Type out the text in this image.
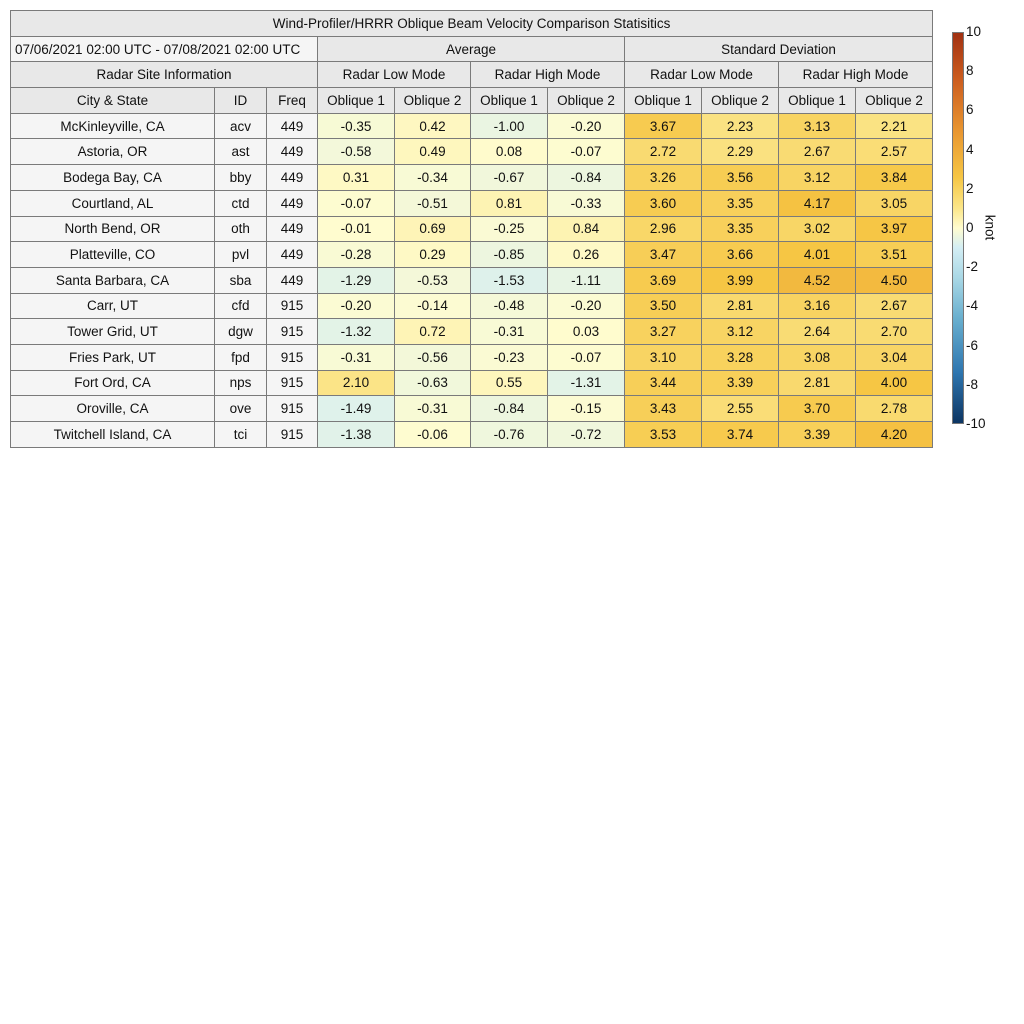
Wind-Profiler/HRRR Oblique Beam Velocity Comparison Statisitics										
07/06/2021 02:00 UTC - 07/08/2021 02:00 UTC			Average				Standard Deviation			
Radar Site Information			Radar Low Mode		Radar High Mode		Radar Low Mode		Radar High Mode	
City & State	ID	Freq	Oblique 1	Oblique 2	Oblique 1	Oblique 2	Oblique 1	Oblique 2	Oblique 1	Oblique 2
McKinleyville, CA	acv	449	-0.35	0.42	-1.00	-0.20	3.67	2.23	3.13	2.21
Astoria, OR	ast	449	-0.58	0.49	0.08	-0.07	2.72	2.29	2.67	2.57
Bodega Bay, CA	bby	449	0.31	-0.34	-0.67	-0.84	3.26	3.56	3.12	3.84
Courtland, AL	ctd	449	-0.07	-0.51	0.81	-0.33	3.60	3.35	4.17	3.05
North Bend, OR	oth	449	-0.01	0.69	-0.25	0.84	2.96	3.35	3.02	3.97
Platteville, CO	pvl	449	-0.28	0.29	-0.85	0.26	3.47	3.66	4.01	3.51
Santa Barbara, CA	sba	449	-1.29	-0.53	-1.53	-1.11	3.69	3.99	4.52	4.50
Carr, UT	cfd	915	-0.20	-0.14	-0.48	-0.20	3.50	2.81	3.16	2.67
Tower Grid, UT	dgw	915	-1.32	0.72	-0.31	0.03	3.27	3.12	2.64	2.70
Fries Park, UT	fpd	915	-0.31	-0.56	-0.23	-0.07	3.10	3.28	3.08	3.04
Fort Ord, CA	nps	915	2.10	-0.63	0.55	-1.31	3.44	3.39	2.81	4.00
Oroville, CA	ove	915	-1.49	-0.31	-0.84	-0.15	3.43	2.55	3.70	2.78
Twitchell Island, CA	tci	915	-1.38	-0.06	-0.76	-0.72	3.53	3.74	3.39	4.20
10
8
6
4
2
0
-2
-4
-6
-8
-10
knot
